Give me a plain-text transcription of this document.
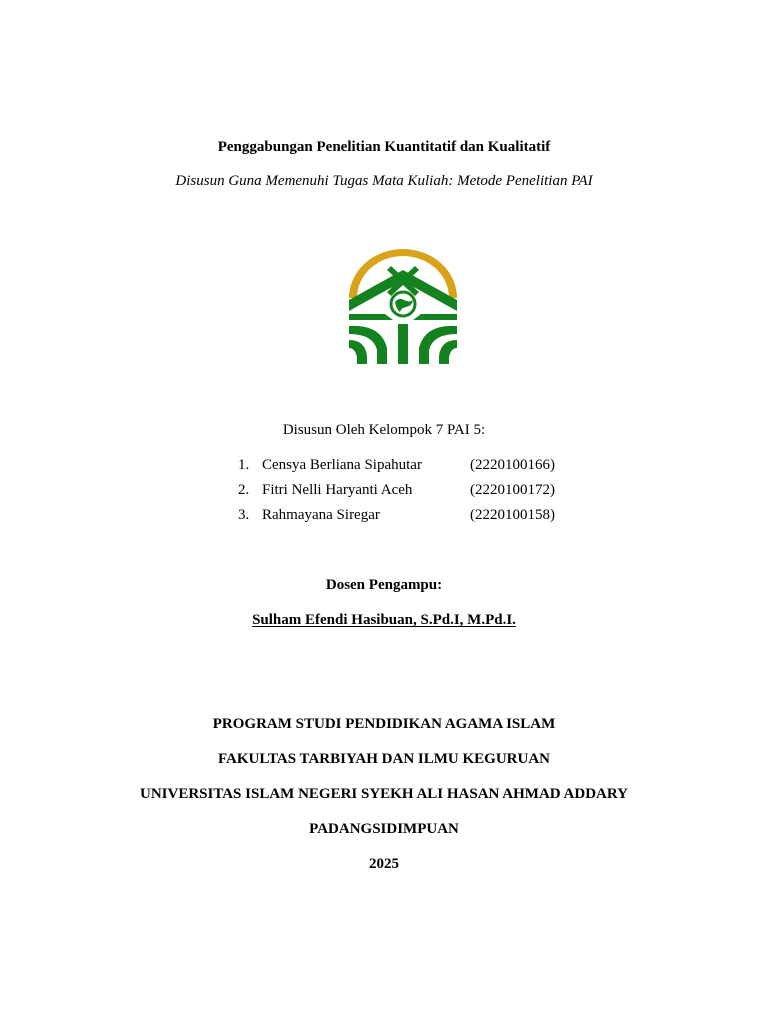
Penggabungan Penelitian Kuantitatif dan Kualitatif
Disusun Guna Memenuhi Tugas Mata Kuliah: Metode Penelitian PAI
Disusun Oleh Kelompok 7 PAI 5:
1. Censya Berliana Sipahutar	(2220100166)
2. Fitri Nelli Haryanti Aceh	(2220100172)
3. Rahmayana Siregar	(2220100158)
Dosen Pengampu:
Sulham Efendi Hasibuan, S.Pd.I, M.Pd.I.
PROGRAM STUDI PENDIDIKAN AGAMA ISLAM
FAKULTAS TARBIYAH DAN ILMU KEGURUAN
UNIVERSITAS ISLAM NEGERI SYEKH ALI HASAN AHMAD ADDARY
PADANGSIDIMPUAN
2025
